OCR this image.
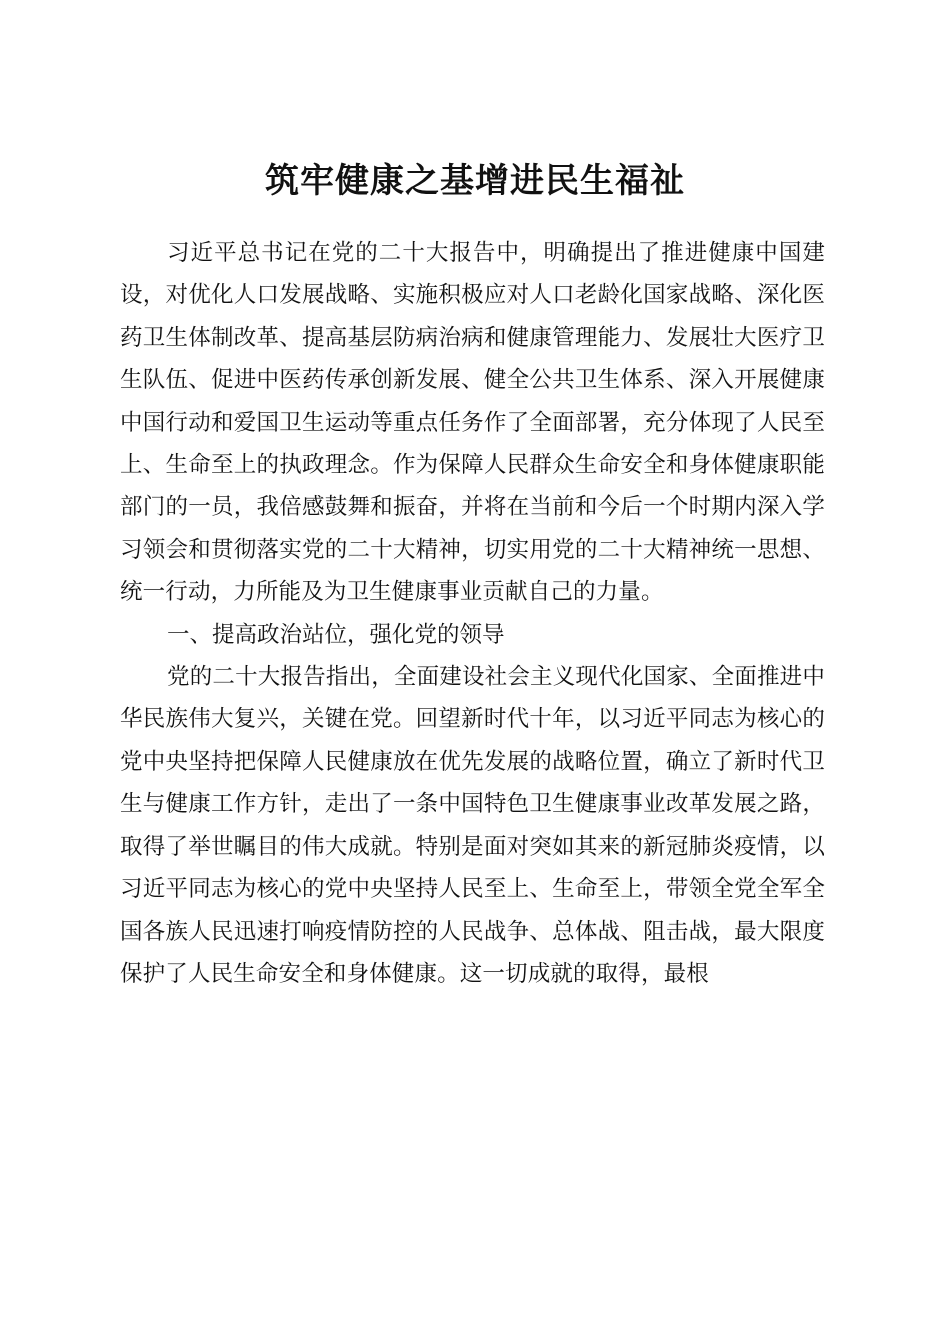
筑牢健康之基增进民生福祉

习近平总书记在党的二十大报告中，明确提出了推进健康中国建设，对优化人口发展战略、实施积极应对人口老龄化国家战略、深化医药卫生体制改革、提高基层防病治病和健康管理能力、发展壮大医疗卫生队伍、促进中医药传承创新发展、健全公共卫生体系、深入开展健康中国行动和爱国卫生运动等重点任务作了全面部署，充分体现了人民至上、生命至上的执政理念。作为保障人民群众生命安全和身体健康职能部门的一员，我倍感鼓舞和振奋，并将在当前和今后一个时期内深入学习领会和贯彻落实党的二十大精神，切实用党的二十大精神统一思想、统一行动，力所能及为卫生健康事业贡献自己的力量。

一、提高政治站位，强化党的领导

党的二十大报告指出，全面建设社会主义现代化国家、全面推进中华民族伟大复兴，关键在党。回望新时代十年，以习近平同志为核心的党中央坚持把保障人民健康放在优先发展的战略位置，确立了新时代卫生与健康工作方针，走出了一条中国特色卫生健康事业改革发展之路，取得了举世瞩目的伟大成就。特别是面对突如其来的新冠肺炎疫情，以习近平同志为核心的党中央坚持人民至上、生命至上，带领全党全军全国各族人民迅速打响疫情防控的人民战争、总体战、阻击战，最大限度保护了人民生命安全和身体健康。这一切成就的取得，最根
